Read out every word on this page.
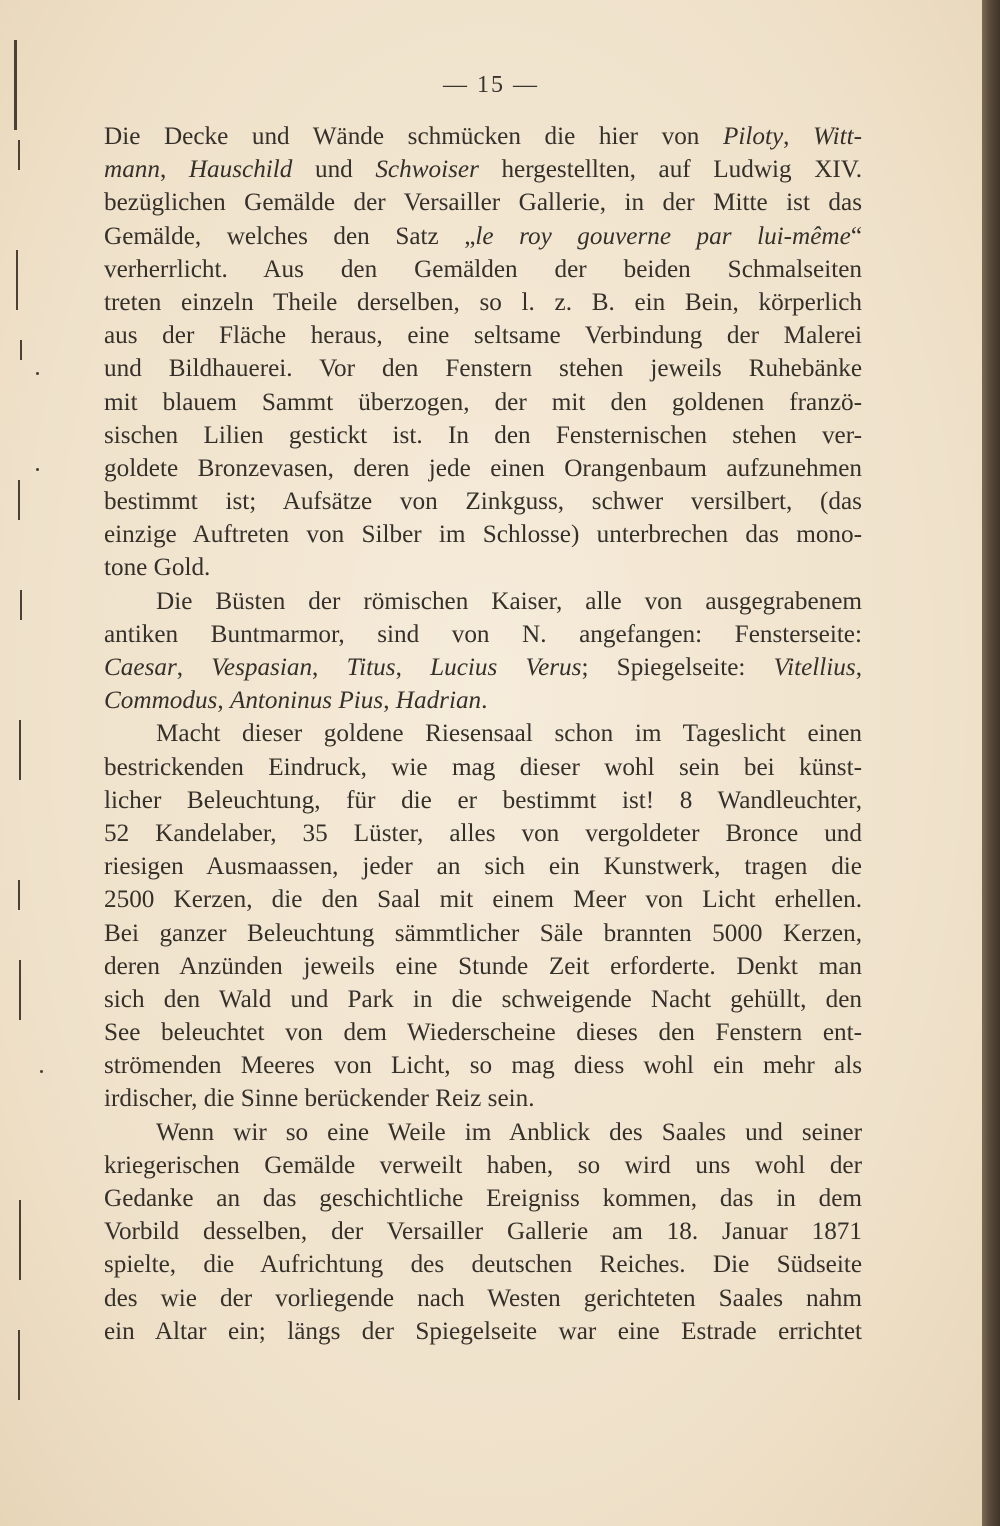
— 15 —
Die Decke und Wände schmücken die hier von Piloty, Witt-
mann, Hauschild und Schwoiser hergestellten, auf Ludwig XIV.
bezüglichen Gemälde der Versailler Gallerie, in der Mitte ist das
Gemälde, welches den Satz „le roy gouverne par lui-même“
verherrlicht. Aus den Gemälden der beiden Schmalseiten
treten einzeln Theile derselben, so l. z. B. ein Bein, körperlich
aus der Fläche heraus, eine seltsame Verbindung der Malerei
und Bildhauerei. Vor den Fenstern stehen jeweils Ruhebänke
mit blauem Sammt überzogen, der mit den goldenen franzö-
sischen Lilien gestickt ist. In den Fensternischen stehen ver-
goldete Bronzevasen, deren jede einen Orangenbaum aufzunehmen
bestimmt ist; Aufsätze von Zinkguss, schwer versilbert, (das
einzige Auftreten von Silber im Schlosse) unterbrechen das mono-
tone Gold.
Die Büsten der römischen Kaiser, alle von ausgegrabenem
antiken Buntmarmor, sind von N. angefangen: Fensterseite:
Caesar, Vespasian, Titus, Lucius Verus; Spiegelseite: Vitellius,
Commodus, Antoninus Pius, Hadrian.
Macht dieser goldene Riesensaal schon im Tageslicht einen
bestrickenden Eindruck, wie mag dieser wohl sein bei künst-
licher Beleuchtung, für die er bestimmt ist! 8 Wandleuchter,
52 Kandelaber, 35 Lüster, alles von vergoldeter Bronce und
riesigen Ausmaassen, jeder an sich ein Kunstwerk, tragen die
2500 Kerzen, die den Saal mit einem Meer von Licht erhellen.
Bei ganzer Beleuchtung sämmtlicher Säle brannten 5000 Kerzen,
deren Anzünden jeweils eine Stunde Zeit erforderte. Denkt man
sich den Wald und Park in die schweigende Nacht gehüllt, den
See beleuchtet von dem Wiederscheine dieses den Fenstern ent-
strömenden Meeres von Licht, so mag diess wohl ein mehr als
irdischer, die Sinne berückender Reiz sein.
Wenn wir so eine Weile im Anblick des Saales und seiner
kriegerischen Gemälde verweilt haben, so wird uns wohl der
Gedanke an das geschichtliche Ereigniss kommen, das in dem
Vorbild desselben, der Versailler Gallerie am 18. Januar 1871
spielte, die Aufrichtung des deutschen Reiches. Die Südseite
des wie der vorliegende nach Westen gerichteten Saales nahm
ein Altar ein; längs der Spiegelseite war eine Estrade errichtet
